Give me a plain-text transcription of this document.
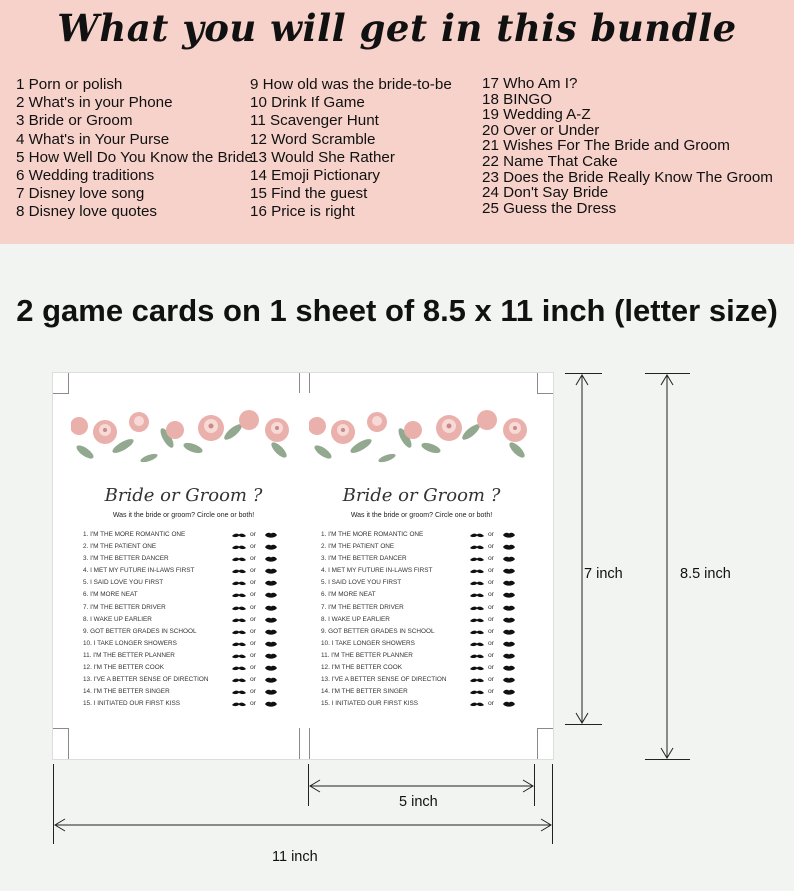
What you will get in this bundle
1 Porn or polish
2 What's in your Phone
3 Bride or Groom
4 What's in Your Purse
5 How Well Do You Know the Bride
6 Wedding traditions
7 Disney love song
8 Disney love quotes
9 How old was the bride-to-be
10 Drink If Game
11 Scavenger Hunt
12 Word Scramble
13 Would She Rather
14 Emoji Pictionary
15 Find the guest
16 Price is right
17 Who Am I?
18 BINGO
19 Wedding A-Z
20 Over or Under
21 Wishes For The Bride and Groom
22 Name That Cake
23 Does the Bride Really Know The Groom
24 Don't Say Bride
25 Guess the Dress
2 game cards on 1 sheet of 8.5 x 11 inch (letter size)
Bride or Groom ?
Was it the bride or groom? Circle one or both!
1. I'M THE MORE ROMANTIC ONE	or
2. I'M THE PATIENT ONE	or
3. I'M THE BETTER DANCER	or
4. I MET MY FUTURE IN-LAWS FIRST	or
5. I SAID LOVE YOU FIRST	or
6. I'M MORE NEAT	or
7. I'M THE BETTER DRIVER	or
8. I WAKE UP EARLIER	or
9. GOT BETTER GRADES IN SCHOOL	or
10. I TAKE LONGER SHOWERS	or
11. I'M THE BETTER PLANNER	or
12. I'M THE BETTER COOK	or
13. I'VE A BETTER SENSE OF DIRECTION	or
14. I'M THE BETTER SINGER	or
15. I INITIATED OUR FIRST KISS	or
Bride or Groom ?
Was it the bride or groom? Circle one or both!
1. I'M THE MORE ROMANTIC ONE	or
2. I'M THE PATIENT ONE	or
3. I'M THE BETTER DANCER	or
4. I MET MY FUTURE IN-LAWS FIRST	or
5. I SAID LOVE YOU FIRST	or
6. I'M MORE NEAT	or
7. I'M THE BETTER DRIVER	or
8. I WAKE UP EARLIER	or
9. GOT BETTER GRADES IN SCHOOL	or
10. I TAKE LONGER SHOWERS	or
11. I'M THE BETTER PLANNER	or
12. I'M THE BETTER COOK	or
13. I'VE A BETTER SENSE OF DIRECTION	or
14. I'M THE BETTER SINGER	or
15. I INITIATED OUR FIRST KISS	or
7 inch	8.5 inch
5 inch
11 inch
